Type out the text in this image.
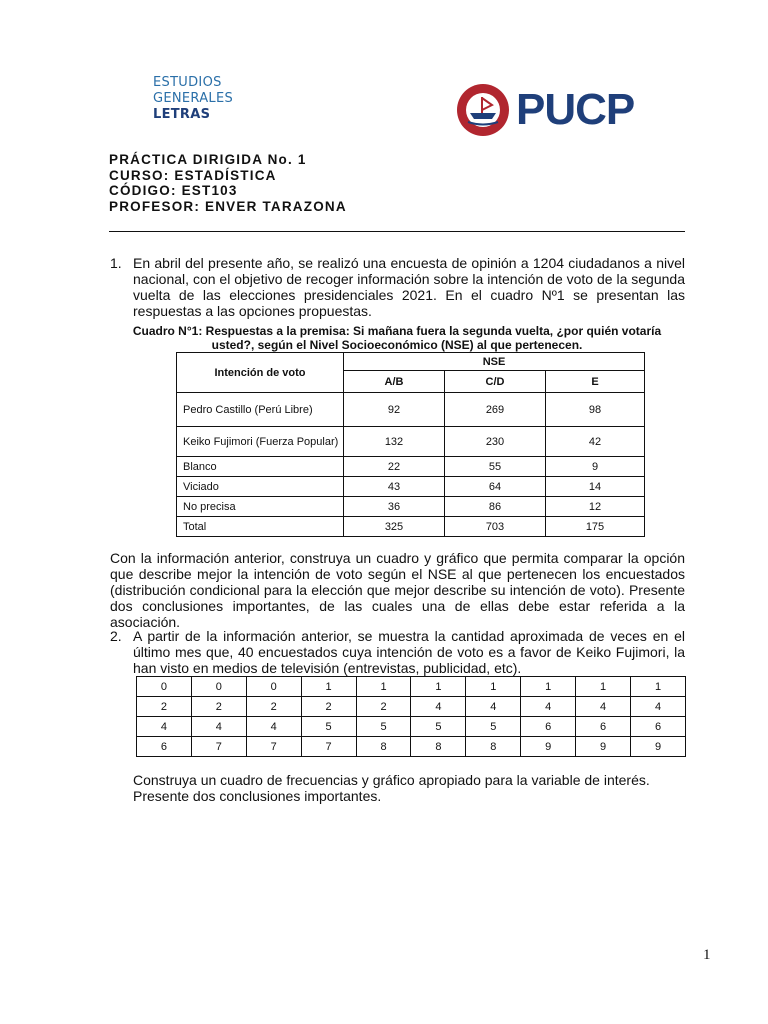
ESTUDIOS
GENERALES
LETRAS	PUCP
PRÁCTICA DIRIGIDA No. 1
CURSO: ESTADÍSTICA
CÓDIGO: EST103
PROFESOR: ENVER TARAZONA
1. En abril del presente año, se realizó una encuesta de opinión a 1204 ciudadanos a nivel nacional, con el objetivo de recoger información sobre la intención de voto de la segunda vuelta de las elecciones presidenciales 2021. En el cuadro Nº1 se presentan las respuestas a las opciones propuestas.
Cuadro N°1: Respuestas a la premisa: Si mañana fuera la segunda vuelta, ¿por quién votaría
usted?, según el Nivel Socioeconómico (NSE) al que pertenecen.
Intención de voto	NSE		
	A/B	C/D	E
Pedro Castillo (Perú Libre)	92	269	98
Keiko Fujimori (Fuerza Popular)	132	230	42
Blanco	22	55	9
Viciado	43	64	14
No precisa	36	86	12
Total	325	703	175
Con la información anterior, construya un cuadro y gráfico que permita comparar la opción que describe mejor la intención de voto según el NSE al que pertenecen los encuestados (distribución condicional para la elección que mejor describe su intención de voto). Presente dos conclusiones importantes, de las cuales una de ellas debe estar referida a la asociación.
2. A partir de la información anterior, se muestra la cantidad aproximada de veces en el último mes que, 40 encuestados cuya intención de voto es a favor de Keiko Fujimori, la han visto en medios de televisión (entrevistas, publicidad, etc).
0	0	0	1	1	1	1	1	1	1
2	2	2	2	2	4	4	4	4	4
4	4	4	5	5	5	5	6	6	6
6	7	7	7	8	8	8	9	9	9
Construya un cuadro de frecuencias y gráfico apropiado para la variable de interés. Presente dos conclusiones importantes.
1
